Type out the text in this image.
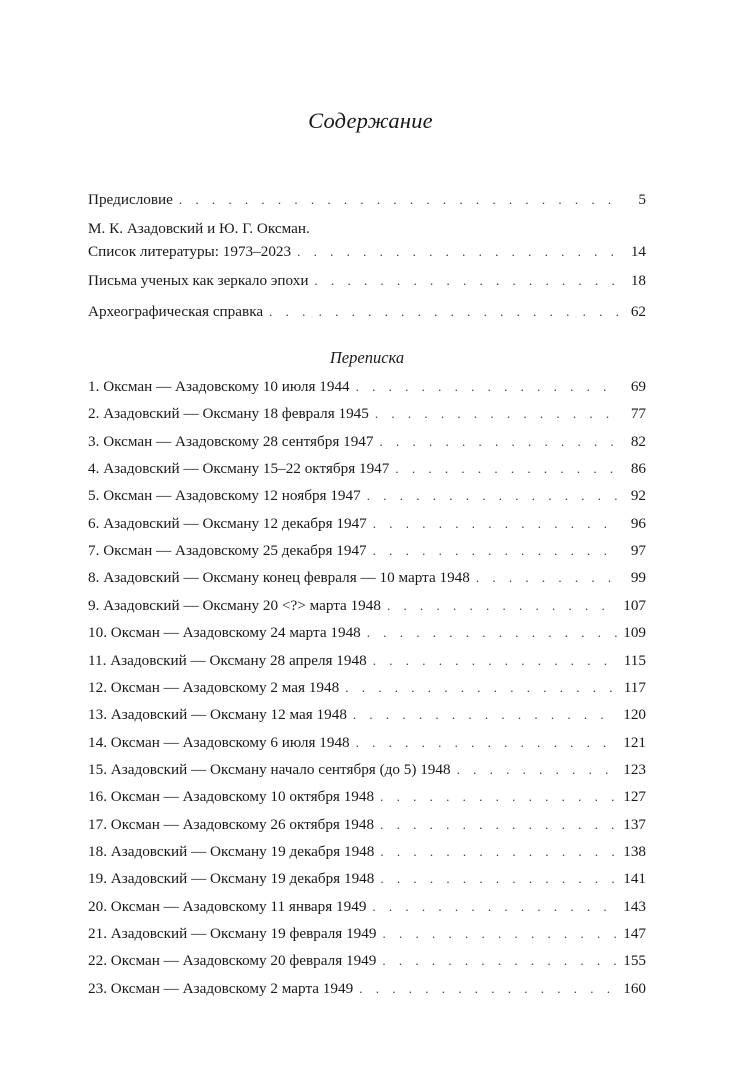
Содержание
Предисловие . . .	5
М. К. Азадовский и Ю. Г. Оксман.
Список литературы: 1973–2023 . . .	14
Письма ученых как зеркало эпохи . . .	18
Археографическая справка . . .	62
Переписка
1. Оксман — Азадовскому 10 июля 1944 . . .	69
2. Азадовский — Оксману 18 февраля 1945 . . .	77
3. Оксман — Азадовскому 28 сентября 1947 . . .	82
4. Азадовский — Оксману 15–22 октября 1947 . . .	86
5. Оксман — Азадовскому 12 ноября 1947 . . .	92
6. Азадовский — Оксману 12 декабря 1947 . . .	96
7. Оксман — Азадовскому 25 декабря 1947 . . .	97
8. Азадовский — Оксману конец февраля — 10 марта 1948 . . .	99
9. Азадовский — Оксману 20 <?> марта 1948 . . .	107
10. Оксман — Азадовскому 24 марта 1948 . . .	109
11. Азадовский — Оксману 28 апреля 1948 . . .	115
12. Оксман — Азадовскому 2 мая 1948 . . .	117
13. Азадовский — Оксману 12 мая 1948 . . .	120
14. Оксман — Азадовскому 6 июля 1948 . . .	121
15. Азадовский — Оксману начало сентября (до 5) 1948 . . .	123
16. Оксман — Азадовскому 10 октября 1948 . . .	127
17. Оксман — Азадовскому 26 октября 1948 . . .	137
18. Азадовский — Оксману 19 декабря 1948 . . .	138
19. Азадовский — Оксману 19 декабря 1948 . . .	141
20. Оксман — Азадовскому 11 января 1949 . . .	143
21. Азадовский — Оксману 19 февраля 1949 . . .	147
22. Оксман — Азадовскому 20 февраля 1949 . . .	155
23. Оксман — Азадовскому 2 марта 1949 . . .	160
